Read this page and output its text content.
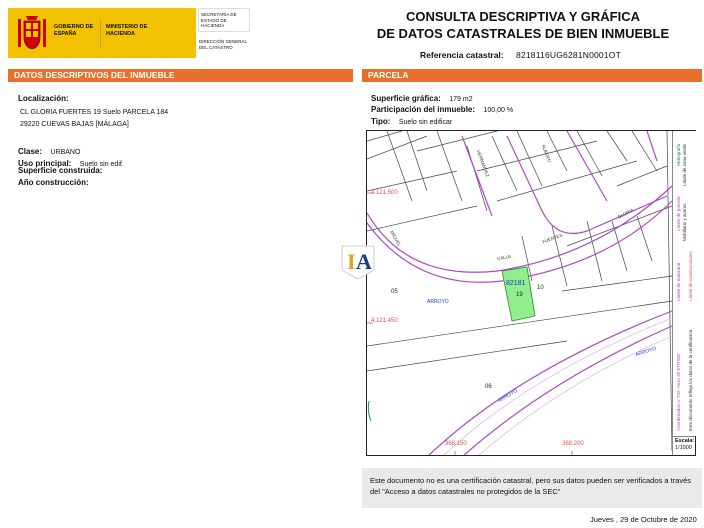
GOBIERNO DE ESPAÑA
MINISTERIO DE HACIENDA
SECRETARÍA DE ESTADO DE HACIENDA
DIRECCIÓN GENERAL DEL CATASTRO
CONSULTA DESCRIPTIVA Y GRÁFICA
DE DATOS CATASTRALES DE BIEN INMUEBLE
Referencia catastral: 8218116UG6281N0001OT
DATOS DESCRIPTIVOS DEL INMUEBLE	PARCELA
Localización:
CL GLORIA FUERTES 19 Suelo PARCELA 184
29220 CUEVAS BAJAS [MÁLAGA]
Clase: URBANO
Uso principal: Suelo sin edif.
Superficie construida:
Año construcción:
Superficie gráfica: 179 m2
Participación del inmueble: 100,00 %
Tipo: Suelo sin edificar
4.121.500
4.121.450
368.150	368.200
82181
19
10
05
06
CALLE
GLORIA
FUERTES
HERNANDEZ	ALBERTI
MIGUEL
ARROYO
ARROYO
ARROYO
Límite de parcela
Hidrografía Límite de zona verde
Límite de manzana
Mobiliario y aceras
Límite de construcciones
Coordenadas U.T.M. Huso 30 ETRS89 Este documento refleja los datos de la certificación
Escala:
1/1000
I A
Este documento no es una certificación catastral, pero sus datos pueden ser verificados a través del "Acceso a datos catastrales no protegidos de la SEC"
Jueves , 29 de Octubre de 2020
